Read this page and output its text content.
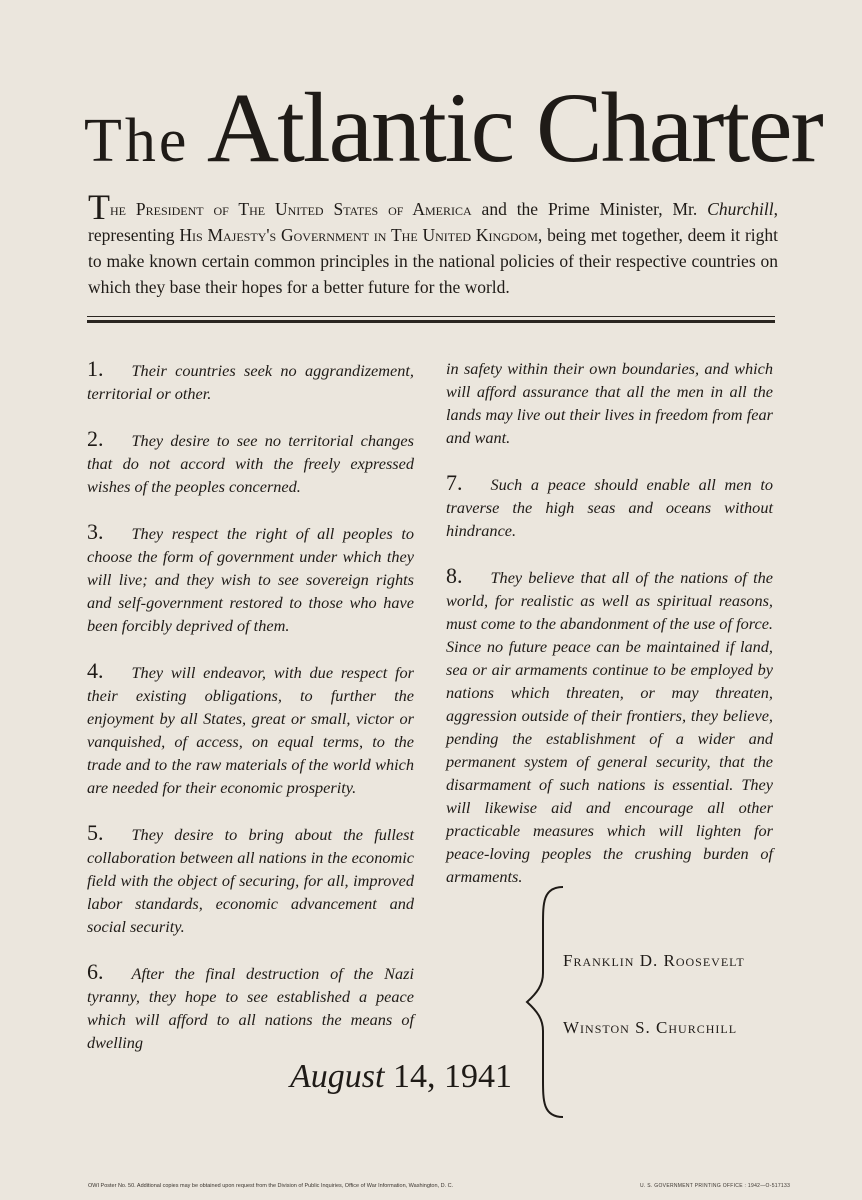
The Atlantic Charter
The President of The United States of America and the Prime Minister, Mr. Churchill, representing His Majesty's Government in The United Kingdom, being met together, deem it right to make known certain common principles in the national policies of their respective countries on which they base their hopes for a better future for the world.

1. Their countries seek no aggrandizement, territorial or other.

2. They desire to see no territorial changes that do not accord with the freely expressed wishes of the peoples concerned.

3. They respect the right of all peoples to choose the form of government under which they will live; and they wish to see sovereign rights and self-government restored to those who have been forcibly deprived of them.

4. They will endeavor, with due respect for their existing obligations, to further the enjoyment by all States, great or small, victor or vanquished, of access, on equal terms, to the trade and to the raw materials of the world which are needed for their economic prosperity.

5. They desire to bring about the fullest collaboration between all nations in the economic field with the object of securing, for all, improved labor standards, economic advancement and social security.

6. After the final destruction of the Nazi tyranny, they hope to see established a peace which will afford to all nations the means of dwelling

in safety within their own boundaries, and which will afford assurance that all the men in all the lands may live out their lives in freedom from fear and want.

7. Such a peace should enable all men to traverse the high seas and oceans without hindrance.

8. They believe that all of the nations of the world, for realistic as well as spiritual reasons, must come to the abandonment of the use of force. Since no future peace can be maintained if land, sea or air armaments continue to be employed by nations which threaten, or may threaten, aggression outside of their frontiers, they believe, pending the establishment of a wider and permanent system of general security, that the disarmament of such nations is essential. They will likewise aid and encourage all other practicable measures which will lighten for peace-loving peoples the crushing burden of armaments.

Franklin D. Roosevelt
Winston S. Churchill
August 14, 1941
OWI Poster No. 50. Additional copies may be obtained upon request from the Division of Public Inquiries, Office of War Information, Washington, D. C.	U. S. GOVERNMENT PRINTING OFFICE : 1942—O-517133
